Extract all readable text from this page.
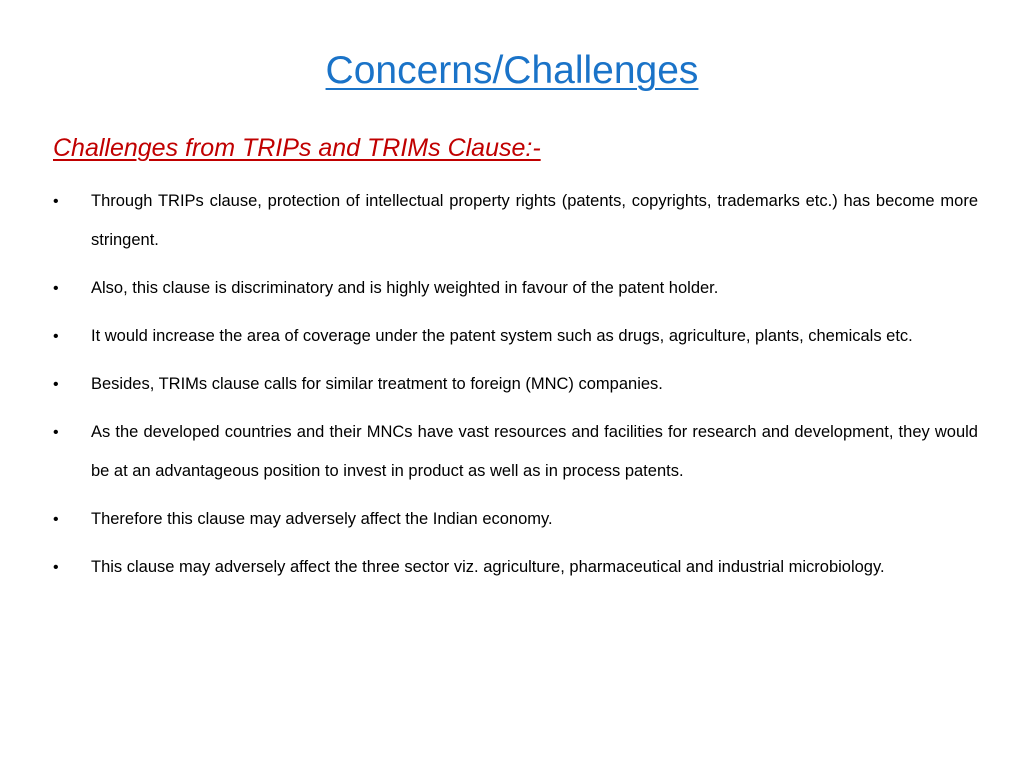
Concerns/Challenges
Challenges from TRIPs and TRIMs Clause:-
•	Through TRIPs clause, protection of intellectual property rights (patents, copyrights, trademarks etc.) has become more stringent.
•	Also, this clause is discriminatory and is highly weighted in favour of the patent holder.
•	It would increase the area of coverage under the patent system such as drugs, agriculture, plants, chemicals etc.
•	Besides, TRIMs clause calls for similar treatment to foreign (MNC) companies.
•	As the developed countries and their MNCs have vast resources and facilities for research and development, they would be at an advantageous position to invest in product as well as in process patents.
•	Therefore this clause may adversely affect the Indian economy.
•	This clause may adversely affect the three sector viz. agriculture, pharmaceutical and industrial microbiology.
